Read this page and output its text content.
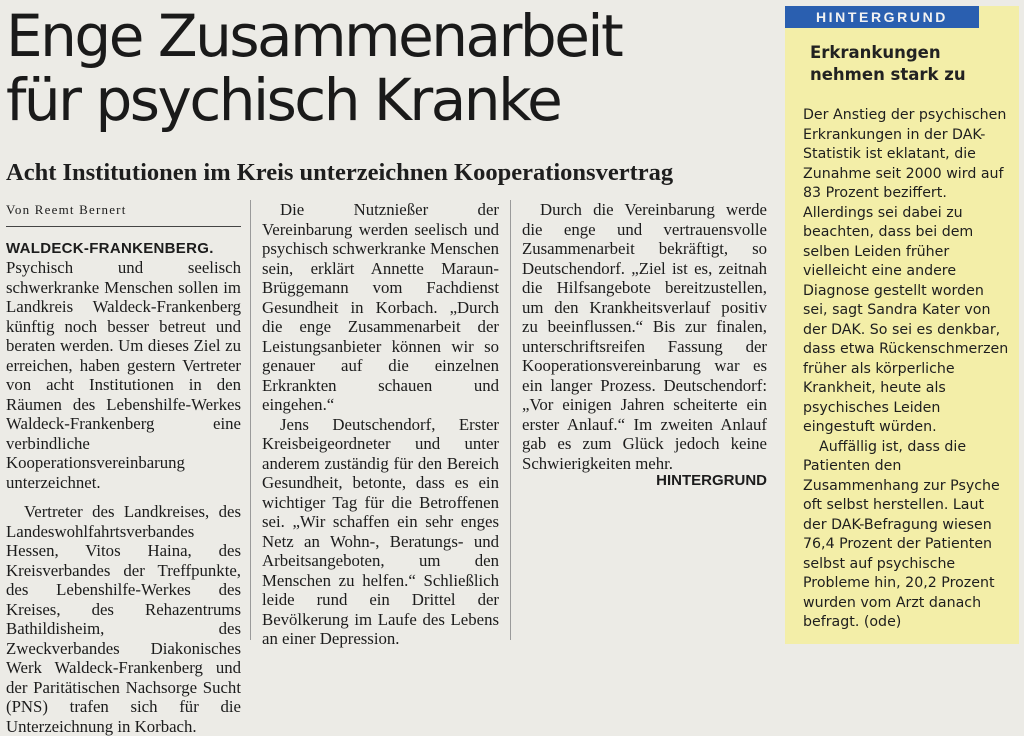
Enge Zusammenarbeit
für psychisch Kranke
Acht Institutionen im Kreis unterzeichnen Kooperationsvertrag
Von Reemt Bernert

WALDECK-FRANKENBERG.
Psychisch und seelisch schwerkranke Menschen sollen im Landkreis Waldeck-Frankenberg künftig noch besser betreut und beraten werden. Um dieses Ziel zu erreichen, haben gestern Vertreter von acht Institutionen in den Räumen des Lebenshilfe-Werkes Waldeck-Frankenberg eine verbindliche Kooperationsvereinbarung unterzeichnet.

Vertreter des Landkreises, des Landeswohlfahrtsverbandes Hessen, Vitos Haina, des Kreisverbandes der Treffpunkte, des Lebenshilfe-Werkes des Kreises, des Rehazentrums Bathildisheim, des Zweckverbandes Diakonisches Werk Waldeck-Frankenberg und der Paritätischen Nachsorge Sucht (PNS) trafen sich für die Unterzeichnung in Korbach.

Die Nutznießer der Vereinbarung werden seelisch und psychisch schwerkranke Menschen sein, erklärt Annette Maraun-Brüggemann vom Fachdienst Gesundheit in Korbach. „Durch die enge Zusammenarbeit der Leistungsanbieter können wir so genauer auf die einzelnen Erkrankten schauen und eingehen.“

Jens Deutschendorf, Erster Kreisbeigeordneter und unter anderem zuständig für den Bereich Gesundheit, betonte, dass es ein wichtiger Tag für die Betroffenen sei. „Wir schaffen ein sehr enges Netz an Wohn-, Beratungs- und Arbeitsangeboten, um den Menschen zu helfen.“ Schließlich leide rund ein Drittel der Bevölkerung im Laufe des Lebens an einer Depression.

Durch die Vereinbarung werde die enge und vertrauensvolle Zusammenarbeit bekräftigt, so Deutschendorf. „Ziel ist es, zeitnah die Hilfsangebote bereitzustellen, um den Krankheitsverlauf positiv zu beeinflussen.“ Bis zur finalen, unterschriftsreifen Fassung der Kooperationsvereinbarung war es ein langer Prozess. Deutschendorf: „Vor einigen Jahren scheiterte ein erster Anlauf.“ Im zweiten Anlauf gab es zum Glück jedoch keine Schwierigkeiten mehr.

HINTERGRUND
HINTERGRUND
Erkrankungen nehmen stark zu

Der Anstieg der psychischen Erkrankungen in der DAK-Statistik ist eklatant, die Zunahme seit 2000 wird auf 83 Prozent beziffert. Allerdings sei dabei zu beachten, dass bei dem selben Leiden früher vielleicht eine andere Diagnose gestellt worden sei, sagt Sandra Kater von der DAK. So sei es denkbar, dass etwa Rückenschmerzen früher als körperliche Krankheit, heute als psychisches Leiden eingestuft würden.

Auffällig ist, dass die Patienten den Zusammenhang zur Psyche oft selbst herstellen. Laut der DAK-Befragung wiesen 76,4 Prozent der Patienten selbst auf psychische Probleme hin, 20,2 Prozent wurden vom Arzt danach befragt. (ode)
